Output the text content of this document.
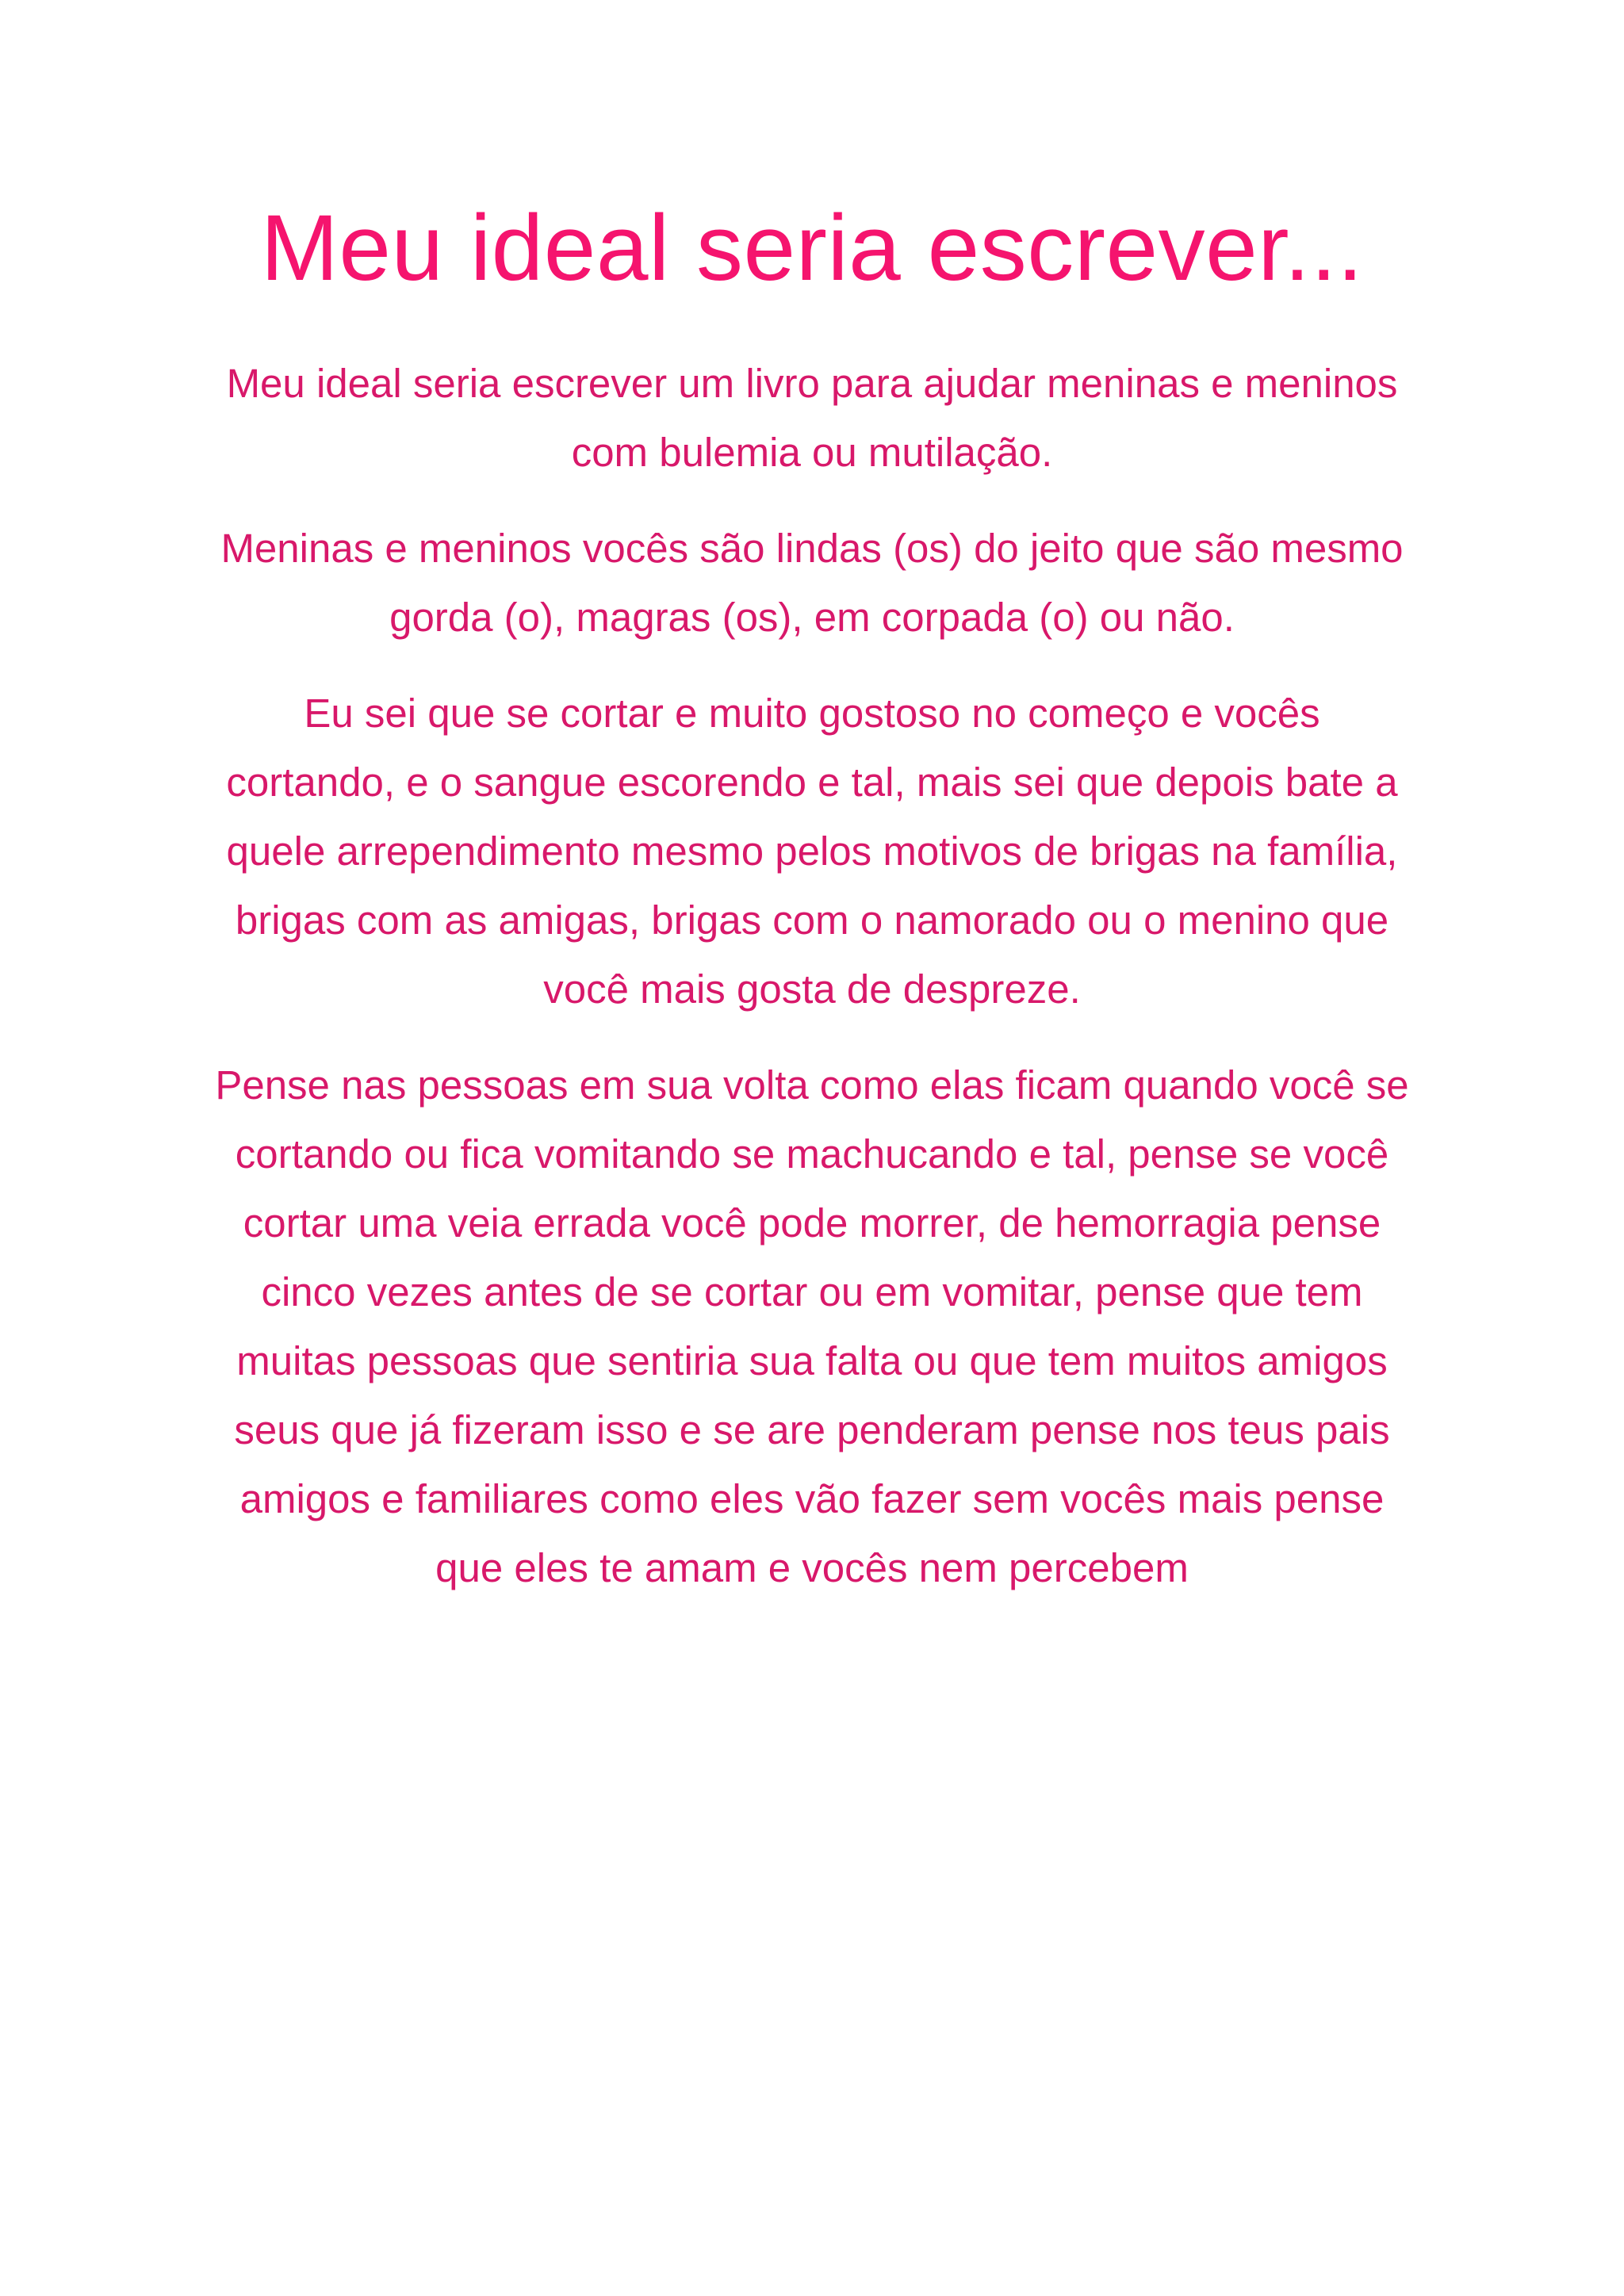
Meu ideal seria escrever...

Meu ideal seria escrever um livro para ajudar meninas e meninos com bulemia ou mutilação.

Meninas e meninos vocês são lindas (os) do jeito que são mesmo gorda (o), magras (os), em corpada (o) ou não.

Eu sei que se cortar e muito gostoso no começo e vocês cortando, e o sangue escorendo e tal, mais sei que depois bate a quele arrependimento mesmo pelos motivos de brigas na família, brigas com as amigas, brigas com o namorado ou o menino que você mais gosta de despreze.

Pense nas pessoas em sua volta como elas ficam quando você se cortando ou fica vomitando se machucando e tal, pense se você cortar uma veia errada você pode morrer, de hemorragia pense cinco vezes antes de se cortar ou em vomitar, pense que tem muitas pessoas que sentiria sua falta ou que tem muitos amigos seus que já fizeram isso e se are penderam pense nos teus pais amigos e familiares como eles vão fazer sem vocês mais pense que eles te amam e vocês nem percebem
